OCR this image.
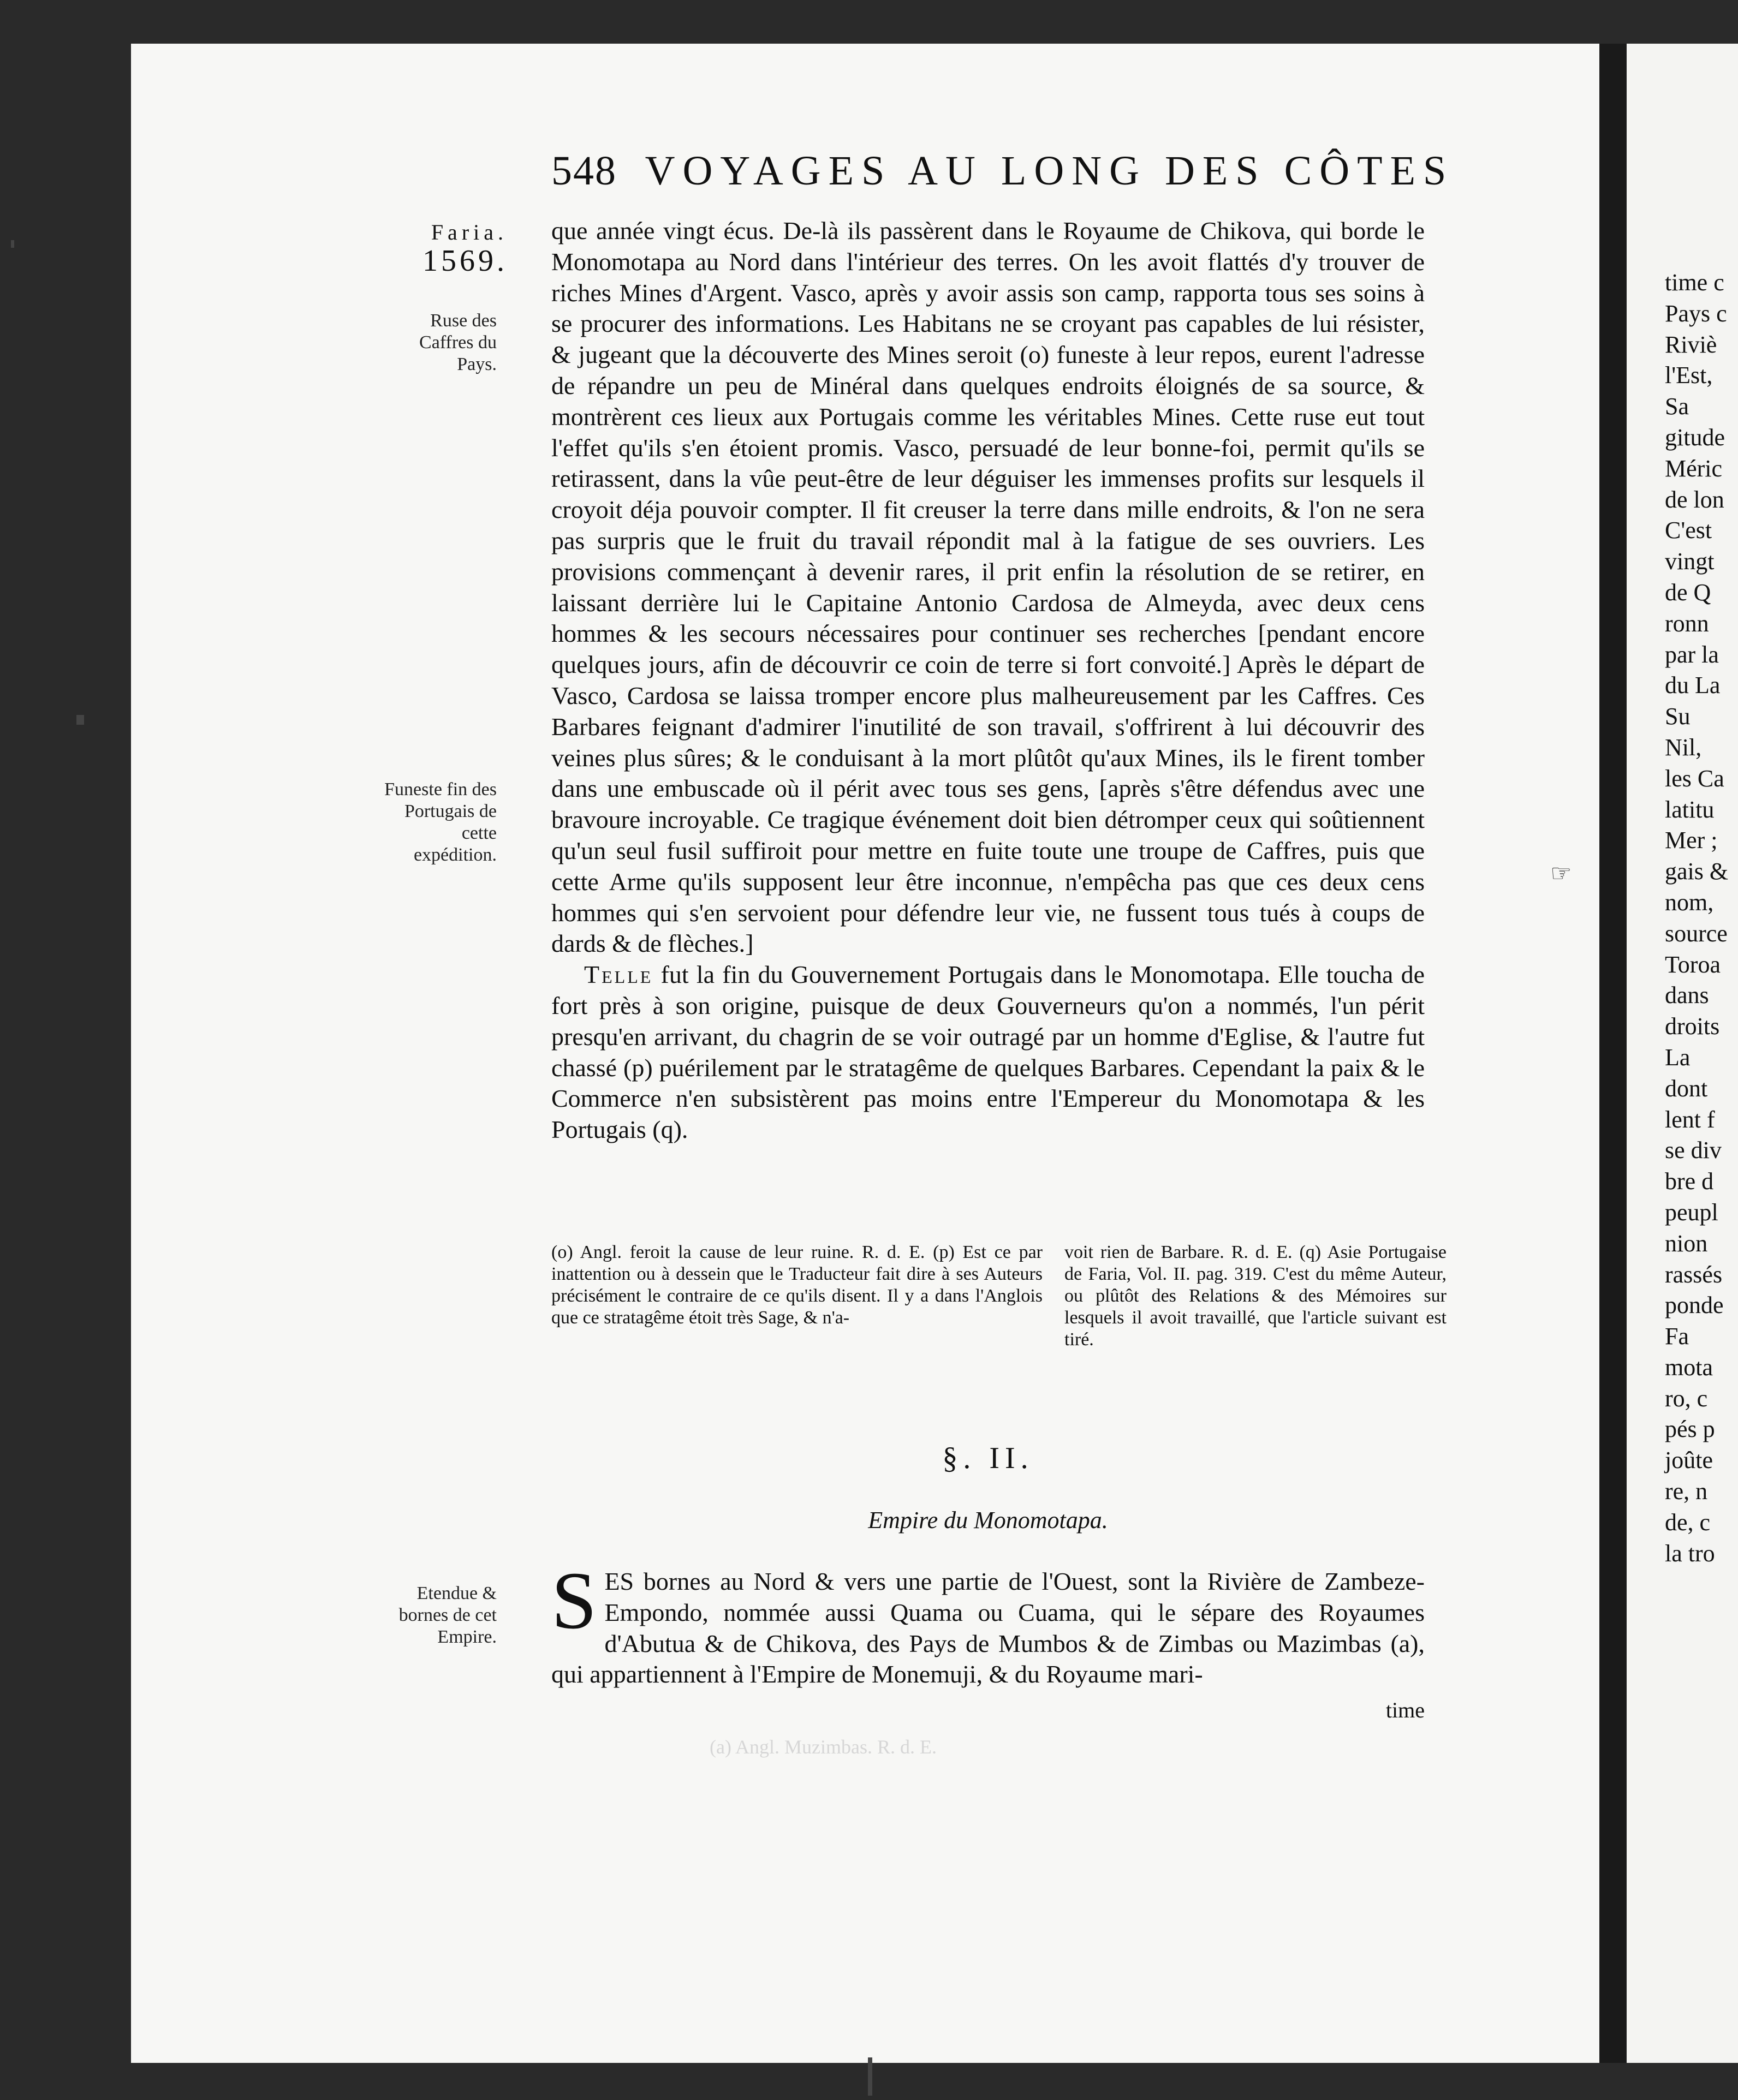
time c
Pays c
Riviè
l'Est,
Sa
gitude
Méric
de lon
C'est
vingt
de Q
ronn
par la
du La
Su
Nil,
les Ca
latitu
Mer ;
gais &
nom,
source
Toroa
dans
droits
La
dont
lent f
se div
bre d
peupl
nion
rassés
ponde
Fa
mota
ro, c
pés p
joûte
re, n
de, c
la tro
548 VOYAGES AU LONG DES CÔTES
Faria.
1569.
Ruse des Caffres du Pays.
Funeste fin des Portugais de cette expédition.
Etendue & bornes de cet Empire.

que année vingt écus. De-là ils passèrent dans le Royaume de Chikova, qui borde le Monomotapa au Nord dans l'intérieur des terres. On les avoit flattés d'y trouver de riches Mines d'Argent. Vasco, après y avoir assis son camp, rapporta tous ses soins à se procurer des informations. Les Habitans ne se croyant pas capables de lui résister, & jugeant que la découverte des Mines seroit (o) funeste à leur repos, eurent l'adresse de répandre un peu de Minéral dans quelques endroits éloignés de sa source, & montrèrent ces lieux aux Portugais comme les véritables Mines. Cette ruse eut tout l'effet qu'ils s'en étoient promis. Vasco, persuadé de leur bonne-foi, permit qu'ils se retirassent, dans la vûe peut-être de leur déguiser les immenses profits sur lesquels il croyoit déja pouvoir compter. Il fit creuser la terre dans mille endroits, & l'on ne sera pas surpris que le fruit du travail répondit mal à la fatigue de ses ouvriers. Les provisions commençant à devenir rares, il prit enfin la résolution de se retirer, en laissant derrière lui le Capitaine Antonio Cardosa de Almeyda, avec deux cens hommes & les secours nécessaires pour continuer ses recherches [pendant encore quelques jours, afin de découvrir ce coin de terre si fort convoité.] Après le départ de Vasco, Cardosa se laissa tromper encore plus malheureusement par les Caffres. Ces Barbares feignant d'admirer l'inutilité de son travail, s'offrirent à lui découvrir des veines plus sûres; & le conduisant à la mort plûtôt qu'aux Mines, ils le firent tomber dans une embuscade où il périt avec tous ses gens, [après s'être défendus avec une bravoure incroyable. Ce tragique événement doit bien détromper ceux qui soûtiennent qu'un seul fusil suffiroit pour mettre en fuite toute une troupe de Caffres, puis que cette Arme qu'ils supposent leur être inconnue, n'empêcha pas que ces deux cens hommes qui s'en servoient pour défendre leur vie, ne fussent tous tués à coups de dards & de flèches.]

Telle fut la fin du Gouvernement Portugais dans le Monomotapa. Elle toucha de fort près à son origine, puisque de deux Gouverneurs qu'on a nommés, l'un périt presqu'en arrivant, du chagrin de se voir outragé par un homme d'Eglise, & l'autre fut chassé (p) puérilement par le stratagême de quelques Barbares. Cependant la paix & le Commerce n'en subsistèrent pas moins entre l'Empereur du Monomotapa & les Portugais (q).

☞
(o) Angl. feroit la cause de leur ruine. R. d. E. (p) Est ce par inattention ou à dessein que le Traducteur fait dire à ses Auteurs précisément le contraire de ce qu'ils disent. Il y a dans l'Anglois que ce stratagême étoit très Sage, & n'a-
voit rien de Barbare. R. d. E. (q) Asie Portugaise de Faria, Vol. II. pag. 319. C'est du même Auteur, ou plûtôt des Relations & des Mémoires sur lesquels il avoit travaillé, que l'article suivant est tiré.
§. II.
Empire du Monomotapa.
S ES bornes au Nord & vers une partie de l'Ouest, sont la Rivière de Zambeze-Empondo, nommée aussi Quama ou Cuama, qui le sépare des Royaumes d'Abutua & de Chikova, des Pays de Mumbos & de Zimbas ou Mazimbas (a), qui appartiennent à l'Empire de Monemuji, & du Royaume mari-
time
(a) Angl. Muzimbas. R. d. E.
